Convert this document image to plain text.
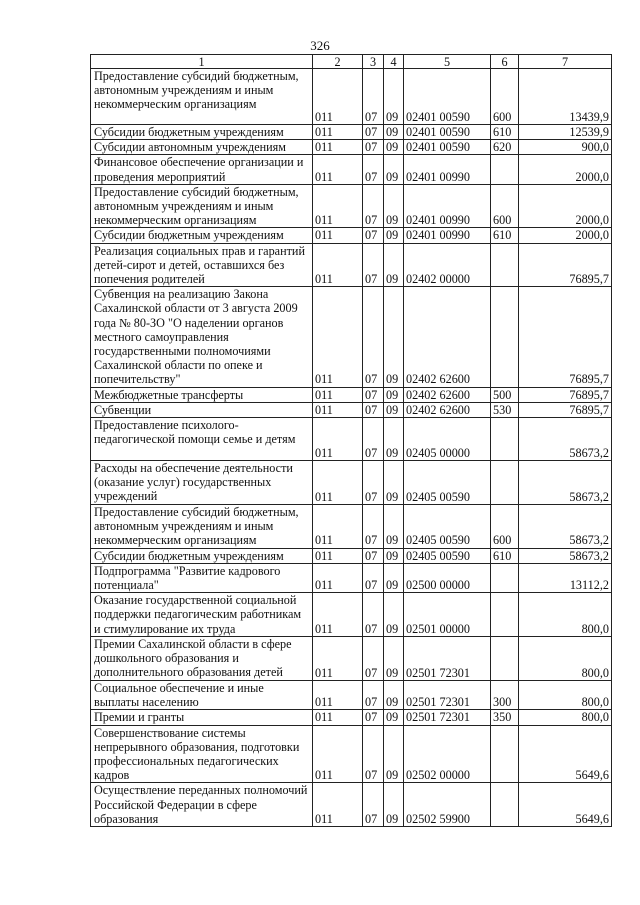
326
1	2	3	4	5	6	7
Предоставление субсидий бюджетным, автономным учреждениям и иным некоммерческим организациям	011	07	09	02401 00590	600	13439,9
Субсидии бюджетным учреждениям	011	07	09	02401 00590	610	12539,9
Субсидии автономным учреждениям	011	07	09	02401 00590	620	900,0
Финансовое обеспечение организации и проведения мероприятий	011	07	09	02401 00990		2000,0
Предоставление субсидий бюджетным, автономным учреждениям и иным некоммерческим организациям	011	07	09	02401 00990	600	2000,0
Субсидии бюджетным учреждениям	011	07	09	02401 00990	610	2000,0
Реализация социальных прав и гарантий детей-сирот и детей, оставшихся без попечения родителей	011	07	09	02402 00000		76895,7
Субвенция на реализацию Закона Сахалинской области от 3 августа 2009 года № 80-ЗО "О наделении органов местного самоуправления государственными полномочиями Сахалинской области по опеке и попечительству"	011	07	09	02402 62600		76895,7
Межбюджетные трансферты	011	07	09	02402 62600	500	76895,7
Субвенции	011	07	09	02402 62600	530	76895,7
Предоставление психолого-педагогической помощи семье и детям	011	07	09	02405 00000		58673,2
Расходы на обеспечение деятельности (оказание услуг) государственных учреждений	011	07	09	02405 00590		58673,2
Предоставление субсидий бюджетным, автономным учреждениям и иным некоммерческим организациям	011	07	09	02405 00590	600	58673,2
Субсидии бюджетным учреждениям	011	07	09	02405 00590	610	58673,2
Подпрограмма "Развитие кадрового потенциала"	011	07	09	02500 00000		13112,2
Оказание государственной социальной поддержки педагогическим работникам и стимулирование их труда	011	07	09	02501 00000		800,0
Премии Сахалинской области в сфере дошкольного образования и дополнительного образования детей	011	07	09	02501 72301		800,0
Социальное обеспечение и иные выплаты населению	011	07	09	02501 72301	300	800,0
Премии и гранты	011	07	09	02501 72301	350	800,0
Совершенствование системы непрерывного образования, подготовки профессиональных педагогических кадров	011	07	09	02502 00000		5649,6
Осуществление переданных полномочий Российской Федерации в сфере образования	011	07	09	02502 59900		5649,6
